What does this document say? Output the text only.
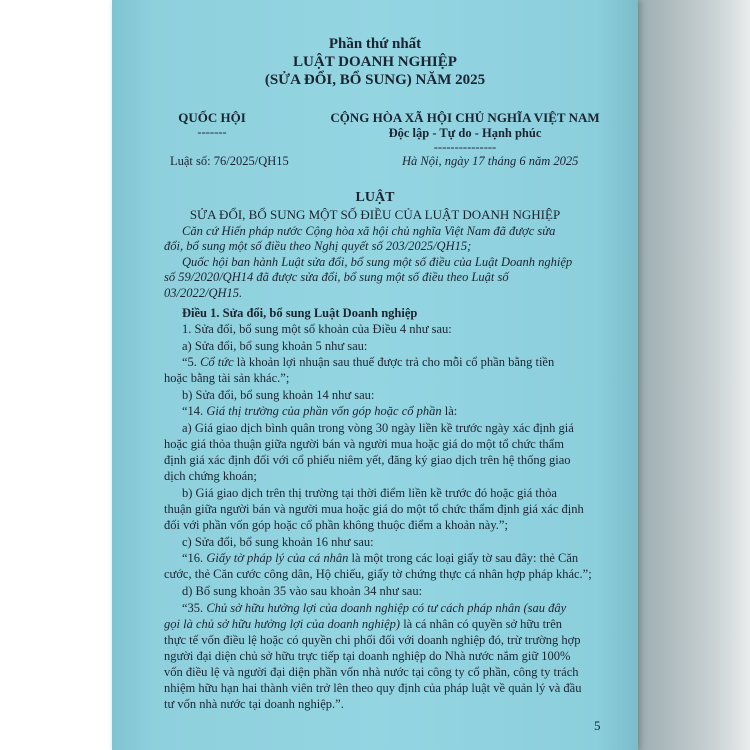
Phần thứ nhất
LUẬT DOANH NGHIỆP
(SỬA ĐỔI, BỔ SUNG) NĂM 2025
QUỐC HỘI
-------
CỘNG HÒA XÃ HỘI CHỦ NGHĨA VIỆT NAM
Độc lập - Tự do - Hạnh phúc
---------------
Luật số: 76/2025/QH15	Hà Nội, ngày 17 tháng 6 năm 2025
LUẬT
SỬA ĐỔI, BỔ SUNG MỘT SỐ ĐIỀU CỦA LUẬT DOANH NGHIỆP
Căn cứ Hiến pháp nước Cộng hòa xã hội chủ nghĩa Việt Nam đã được sửa
đổi, bổ sung một số điều theo Nghị quyết số 203/2025/QH15;
Quốc hội ban hành Luật sửa đổi, bổ sung một số điều của Luật Doanh nghiệp
số 59/2020/QH14 đã được sửa đổi, bổ sung một số điều theo Luật số
03/2022/QH15.
Điều 1. Sửa đổi, bổ sung Luật Doanh nghiệp
1. Sửa đổi, bổ sung một số khoản của Điều 4 như sau:
a) Sửa đổi, bổ sung khoản 5 như sau:
“5. Cổ tức là khoản lợi nhuận sau thuế được trả cho mỗi cổ phần bằng tiền
hoặc bằng tài sản khác.”;
b) Sửa đổi, bổ sung khoản 14 như sau:
“14. Giá thị trường của phần vốn góp hoặc cổ phần là:
a) Giá giao dịch bình quân trong vòng 30 ngày liền kề trước ngày xác định giá
hoặc giá thỏa thuận giữa người bán và người mua hoặc giá do một tổ chức thẩm
định giá xác định đối với cổ phiếu niêm yết, đăng ký giao dịch trên hệ thống giao
dịch chứng khoán;
b) Giá giao dịch trên thị trường tại thời điểm liền kề trước đó hoặc giá thỏa
thuận giữa người bán và người mua hoặc giá do một tổ chức thẩm định giá xác định
đối với phần vốn góp hoặc cổ phần không thuộc điểm a khoản này.”;
c) Sửa đổi, bổ sung khoản 16 như sau:
“16. Giấy tờ pháp lý của cá nhân là một trong các loại giấy tờ sau đây: thẻ Căn
cước, thẻ Căn cước công dân, Hộ chiếu, giấy tờ chứng thực cá nhân hợp pháp khác.”;
d) Bổ sung khoản 35 vào sau khoản 34 như sau:
“35. Chủ sở hữu hưởng lợi của doanh nghiệp có tư cách pháp nhân (sau đây
gọi là chủ sở hữu hưởng lợi của doanh nghiệp) là cá nhân có quyền sở hữu trên
thực tế vốn điều lệ hoặc có quyền chi phối đối với doanh nghiệp đó, trừ trường hợp
người đại diện chủ sở hữu trực tiếp tại doanh nghiệp do Nhà nước nắm giữ 100%
vốn điều lệ và người đại diện phần vốn nhà nước tại công ty cổ phần, công ty trách
nhiệm hữu hạn hai thành viên trở lên theo quy định của pháp luật về quản lý và đầu
tư vốn nhà nước tại doanh nghiệp.”.
5
